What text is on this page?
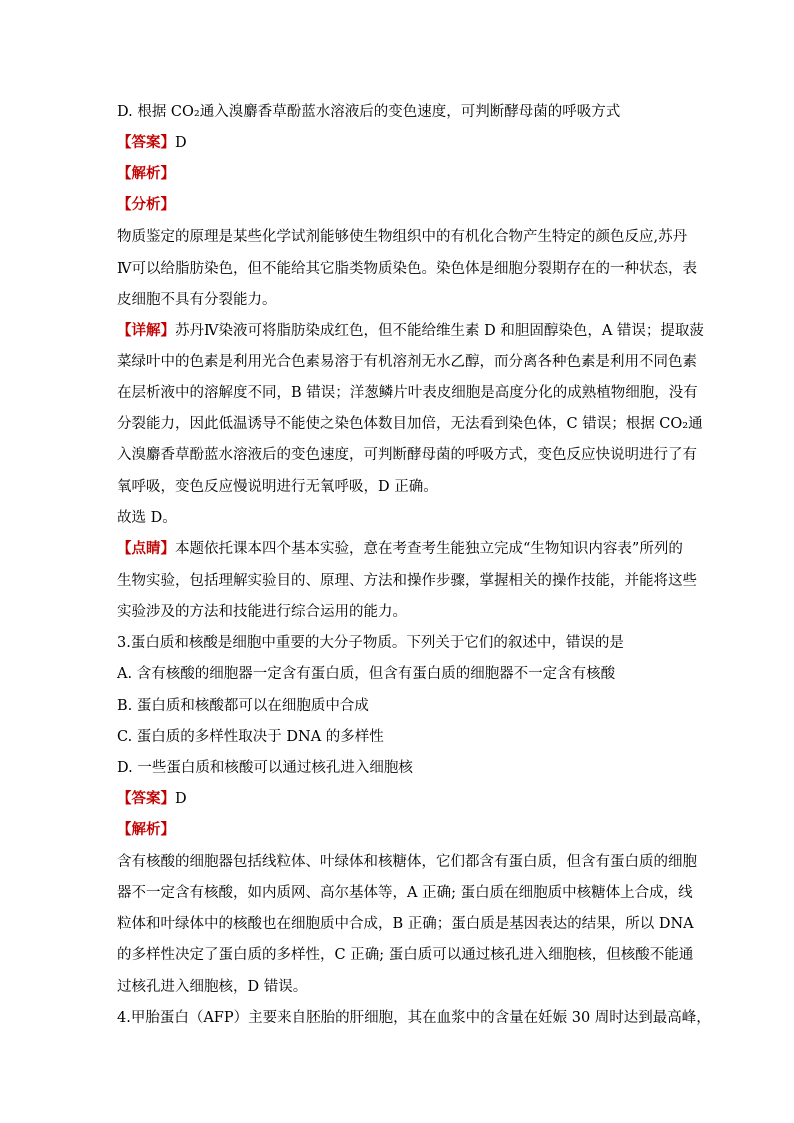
D. 根据 CO₂通入溴麝香草酚蓝水溶液后的变色速度，可判断酵母菌的呼吸方式
【答案】D
【解析】
【分析】
物质鉴定的原理是某些化学试剂能够使生物组织中的有机化合物产生特定的颜色反应,苏丹
Ⅳ可以给脂肪染色，但不能给其它脂类物质染色。染色体是细胞分裂期存在的一种状态，表
皮细胞不具有分裂能力。
【详解】苏丹Ⅳ染液可将脂肪染成红色，但不能给维生素 D 和胆固醇染色，A 错误；提取菠
菜绿叶中的色素是利用光合色素易溶于有机溶剂无水乙醇，而分离各种色素是利用不同色素
在层析液中的溶解度不同，B 错误；洋葱鳞片叶表皮细胞是高度分化的成熟植物细胞，没有
分裂能力，因此低温诱导不能使之染色体数目加倍，无法看到染色体，C 错误；根据 CO₂通
入溴麝香草酚蓝水溶液后的变色速度，可判断酵母菌的呼吸方式，变色反应快说明进行了有
氧呼吸，变色反应慢说明进行无氧呼吸，D 正确。
故选 D。
【点睛】本题依托课本四个基本实验，意在考查考生能独立完成“生物知识内容表”所列的
生物实验，包括理解实验目的、原理、方法和操作步骤，掌握相关的操作技能，并能将这些
实验涉及的方法和技能进行综合运用的能力。
3.蛋白质和核酸是细胞中重要的大分子物质。下列关于它们的叙述中，错误的是
A. 含有核酸的细胞器一定含有蛋白质，但含有蛋白质的细胞器不一定含有核酸
B. 蛋白质和核酸都可以在细胞质中合成
C. 蛋白质的多样性取决于 DNA 的多样性
D. 一些蛋白质和核酸可以通过核孔进入细胞核
【答案】D
【解析】
含有核酸的细胞器包括线粒体、叶绿体和核糖体，它们都含有蛋白质，但含有蛋白质的细胞
器不一定含有核酸，如内质网、高尔基体等，A 正确; 蛋白质在细胞质中核糖体上合成，线
粒体和叶绿体中的核酸也在细胞质中合成，B 正确；蛋白质是基因表达的结果，所以 DNA
的多样性决定了蛋白质的多样性，C 正确; 蛋白质可以通过核孔进入细胞核，但核酸不能通
过核孔进入细胞核，D 错误。
4.甲胎蛋白（AFP）主要来自胚胎的肝细胞，其在血浆中的含量在妊娠 30 周时达到最高峰，
